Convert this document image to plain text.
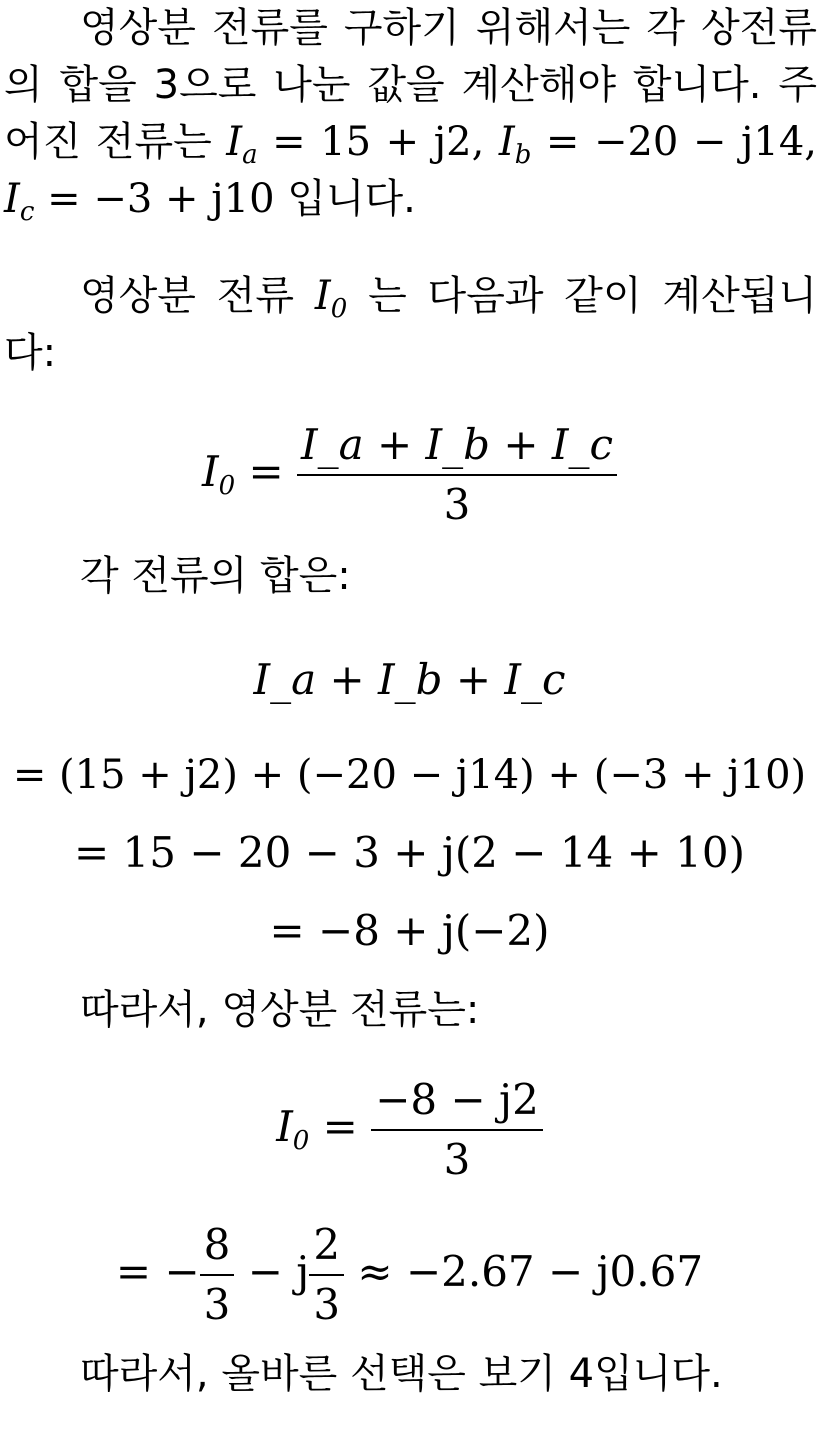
영상분 전류를 구하기 위해서는 각 상전류의 합을 3으로 나눈 값을 계산해야 합니다. 주어진 전류는 $I_a = 15 + j2$, $I_b = -20 - j14$, $I_c = -3 + j10$ 입니다.

영상분 전류 $I_0$ 는 다음과 같이 계산됩니다:

$I_0 = \frac{I\_a + I\_b + I\_c}{3}$

각 전류의 합은:

I_a + I_b + I_c
= (15 + j2) + (−20 − j14) + (−3 + j10)
= 15 − 20 − 3 + j(2 − 14 + 10)
= −8 + j(−2)

따라서, 영상분 전류는:

$I_0 = \frac{-8 - j2}{3}$
= − $\frac{8}{3} - j \frac{2}{3} \approx -2.67 - j0.67$

따라서, 올바른 선택은 보기 4입니다.
